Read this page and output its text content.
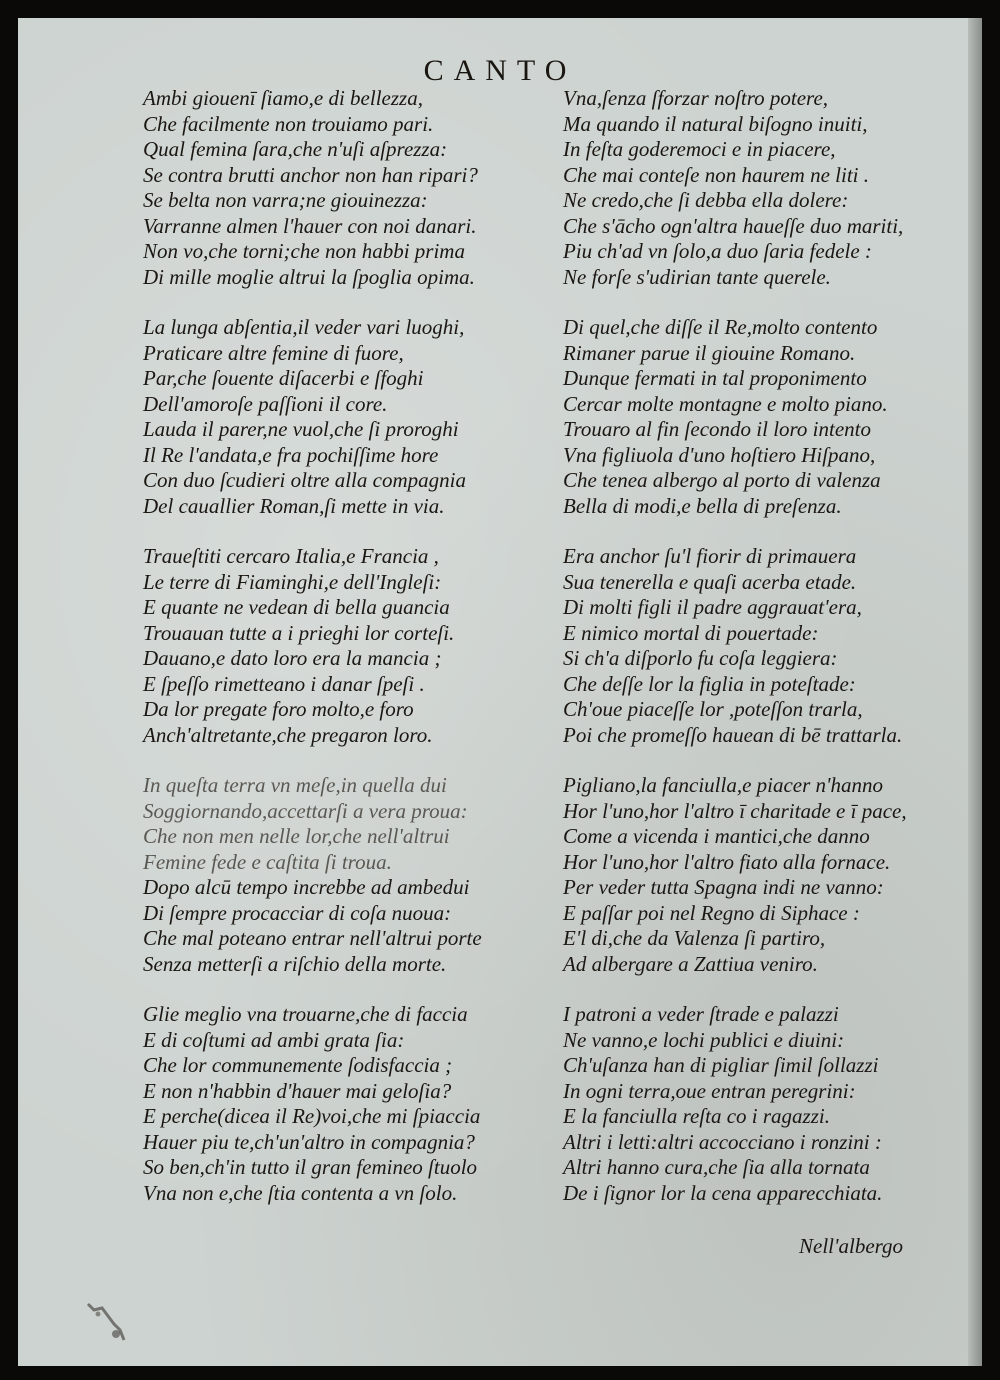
CANTO
Ambi giouenī ſiamo,e di bellezza,
Che facilmente non trouiamo pari.
Qual femina ſara,che n'uſi aſprezza:
Se contra brutti anchor non han ripari?
Se belta non varra;ne giouinezza:
Varranne almen l'hauer con noi danari.
Non vo,che torni;che non habbi prima
Di mille moglie altrui la ſpoglia opima.
La lunga abſentia,il veder vari luoghi,
Praticare altre femine di fuore,
Par,che ſouente diſacerbi e ſfoghi
Dell'amoroſe paſſioni il core.
Lauda il parer,ne vuol,che ſi proroghi
Il Re l'andata,e fra pochiſſime hore
Con duo ſcudieri oltre alla compagnia
Del cauallier Roman,ſi mette in via.
Traueſtiti cercaro Italia,e Francia ,
Le terre di Fiaminghi,e dell'Ingleſi:
E quante ne vedean di bella guancia
Trouauan tutte a i prieghi lor corteſi.
Dauano,e dato loro era la mancia ;
E ſpeſſo rimetteano i danar ſpeſi .
Da lor pregate foro molto,e foro
Anch'altretante,che pregaron loro.
In queſta terra vn meſe,in quella dui
Soggiornando,accettarſi a vera proua:
Che non men nelle lor,che nell'altrui
Femine fede e caſtita ſi troua.
Dopo alcū tempo increbbe ad ambedui
Di ſempre procacciar di coſa nuoua:
Che mal poteano entrar nell'altrui porte
Senza metterſi a riſchio della morte.
Glie meglio vna trouarne,che di faccia
E di coſtumi ad ambi grata ſia:
Che lor communemente ſodisfaccia ;
E non n'habbin d'hauer mai geloſia?
E perche(dicea il Re)voi,che mi ſpiaccia
Hauer piu te,ch'un'altro in compagnia?
So ben,ch'in tutto il gran femineo ſtuolo
Vna non e,che ſtia contenta a vn ſolo.
Vna,ſenza ſforzar noſtro potere,
Ma quando il natural biſogno inuiti,
In feſta goderemoci e in piacere,
Che mai conteſe non haurem ne liti .
Ne credo,che ſi debba ella dolere:
Che s'ācho ogn'altra haueſſe duo mariti,
Piu ch'ad vn ſolo,a duo ſaria fedele :
Ne forſe s'udirian tante querele.
Di quel,che diſſe il Re,molto contento
Rimaner parue il giouine Romano.
Dunque fermati in tal proponimento
Cercar molte montagne e molto piano.
Trouaro al fin ſecondo il loro intento
Vna figliuola d'uno hoſtiero Hiſpano,
Che tenea albergo al porto di valenza
Bella di modi,e bella di preſenza.
Era anchor ſu'l fiorir di primauera
Sua tenerella e quaſi acerba etade.
Di molti figli il padre aggrauat'era,
E nimico mortal di pouertade:
Si ch'a diſporlo fu coſa leggiera:
Che deſſe lor la figlia in poteſtade:
Ch'oue piaceſſe lor ,poteſſon trarla,
Poi che promeſſo hauean di bē trattarla.
Pigliano,la fanciulla,e piacer n'hanno
Hor l'uno,hor l'altro ī charitade e ī pace,
Come a vicenda i mantici,che danno
Hor l'uno,hor l'altro fiato alla fornace.
Per veder tutta Spagna indi ne vanno:
E paſſar poi nel Regno di Siphace :
E'l di,che da Valenza ſi partiro,
Ad albergare a Zattiua veniro.
I patroni a veder ſtrade e palazzi
Ne vanno,e lochi publici e diuini:
Ch'uſanza han di pigliar ſimil ſollazzi
In ogni terra,oue entran peregrini:
E la fanciulla reſta co i ragazzi.
Altri i letti:altri accocciano i ronzini :
Altri hanno cura,che ſia alla tornata
De i ſignor lor la cena apparecchiata.
Nell'albergo
